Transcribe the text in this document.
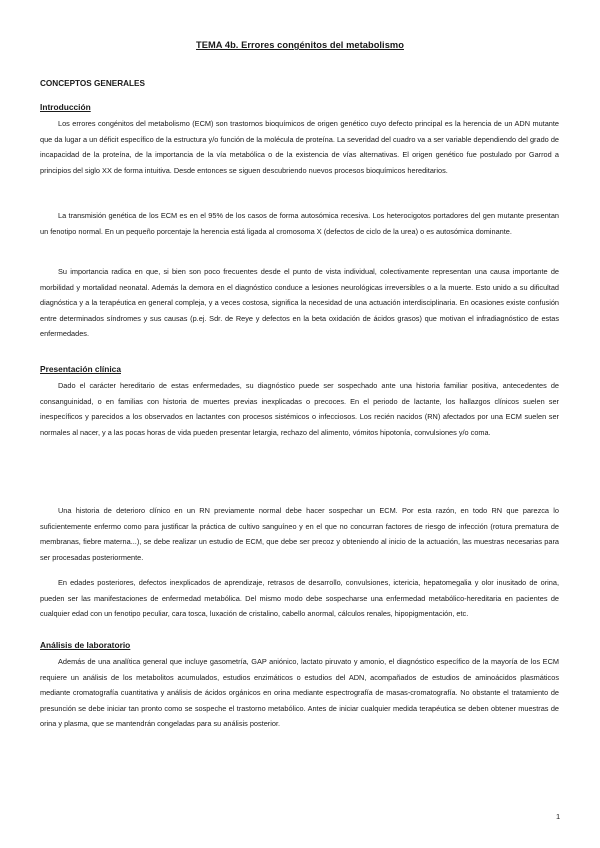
TEMA 4b. Errores congénitos del metabolismo
CONCEPTOS GENERALES
Introducción

Los errores congénitos del metabolismo (ECM) son trastornos bioquímicos de origen genético cuyo defecto principal es la herencia de un ADN mutante que da lugar a un déficit específico de la estructura y/o función de la molécula de proteína. La severidad del cuadro va a ser variable dependiendo del grado de incapacidad de la proteína, de la importancia de la vía metabólica o de la existencia de vías alternativas. El origen genético fue postulado por Garrod a principios del siglo XX de forma intuitiva. Desde entonces se siguen descubriendo nuevos procesos bioquímicos hereditarios.

La transmisión genética de los ECM es en el 95% de los casos de forma autosómica recesiva. Los heterocigotos portadores del gen mutante presentan un fenotipo normal. En un pequeño porcentaje la herencia está ligada al cromosoma X (defectos de ciclo de la urea) o es autosómica dominante.

Su importancia radica en que, si bien son poco frecuentes desde el punto de vista individual, colectivamente representan una causa importante de morbilidad y mortalidad neonatal. Además la demora en el diagnóstico conduce a lesiones neurológicas irreversibles o a la muerte. Esto unido a su dificultad diagnóstica y a la terapéutica en general compleja, y a veces costosa, significa la necesidad de una actuación interdisciplinaria. En ocasiones existe confusión entre determinados síndromes y sus causas (p.ej. Sdr. de Reye y defectos en la beta oxidación de ácidos grasos) que motivan el infradiagnóstico de estas enfermedades.

Presentación clínica

Dado el carácter hereditario de estas enfermedades, su diagnóstico puede ser sospechado ante una historia familiar positiva, antecedentes de consanguinidad, o en familias con historia de muertes previas inexplicadas o precoces. En el periodo de lactante, los hallazgos clínicos suelen ser inespecíficos y parecidos a los observados en lactantes con procesos sistémicos o infecciosos. Los recién nacidos (RN) afectados por una ECM suelen ser normales al nacer, y a las pocas horas de vida pueden presentar letargia, rechazo del alimento, vómitos hipotonía, convulsiones y/o coma.

Una historia de deterioro clínico en un RN previamente normal debe hacer sospechar un ECM. Por esta razón, en todo RN que parezca lo suficientemente enfermo como para justificar la práctica de cultivo sanguíneo y en el que no concurran factores de riesgo de infección (rotura prematura de membranas, fiebre materna...), se debe realizar un estudio de ECM, que debe ser precoz y obteniendo al inicio de la actuación, las muestras necesarias para ser procesadas posteriormente.

En edades posteriores, defectos inexplicados de aprendizaje, retrasos de desarrollo, convulsiones, ictericia, hepatomegalia y olor inusitado de orina, pueden ser las manifestaciones de enfermedad metabólica. Del mismo modo debe sospecharse una enfermedad metabólico-hereditaria en pacientes de cualquier edad con un fenotipo peculiar, cara tosca, luxación de cristalino, cabello anormal, cálculos renales, hipopigmentación, etc.

Análisis de laboratorio

Además de una analítica general que incluye gasometría, GAP aniónico, lactato piruvato y amonio, el diagnóstico específico de la mayoría de los ECM requiere un análisis de los metabolitos acumulados, estudios enzimáticos o estudios del ADN, acompañados de estudios de aminoácidos plasmáticos mediante cromatografía cuantitativa y análisis de ácidos orgánicos en orina mediante espectrografía de masas-cromatografía. No obstante el tratamiento de presunción se debe iniciar tan pronto como se sospeche el trastorno metabólico. Antes de iniciar cualquier medida terapéutica se deben obtener muestras de orina y plasma, que se mantendrán congeladas para su análisis posterior.

1
